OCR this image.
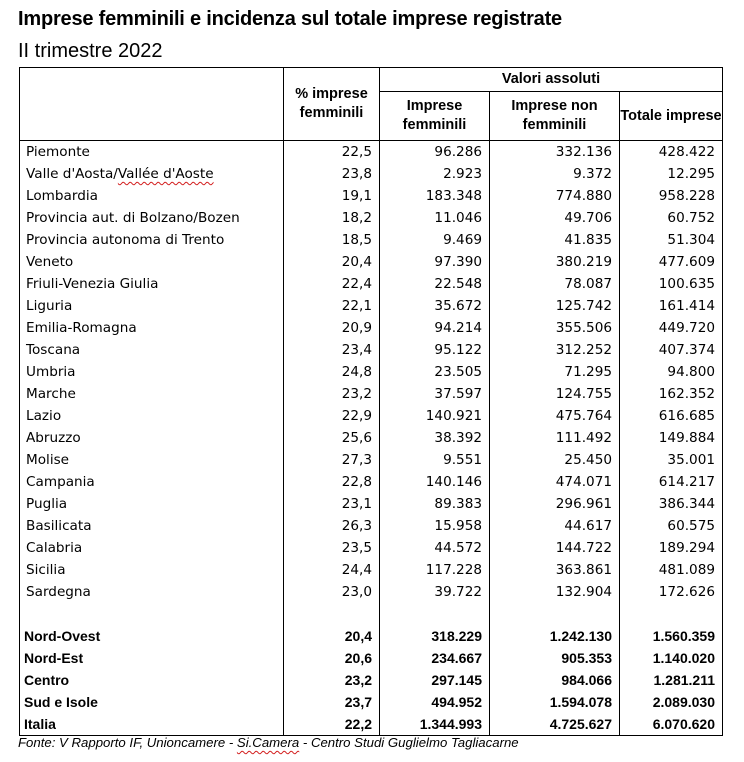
Imprese femminili e incidenza sul totale imprese registrate
II trimestre 2022
	% imprese femminili	Valori assoluti		
		Imprese femminili	Imprese non femminili	Totale imprese
Piemonte	22,5	96.286	332.136	428.422
Valle d'Aosta/Vallée d'Aoste	23,8	2.923	9.372	12.295
Lombardia	19,1	183.348	774.880	958.228
Provincia aut. di Bolzano/Bozen	18,2	11.046	49.706	60.752
Provincia autonoma di Trento	18,5	9.469	41.835	51.304
Veneto	20,4	97.390	380.219	477.609
Friuli-Venezia Giulia	22,4	22.548	78.087	100.635
Liguria	22,1	35.672	125.742	161.414
Emilia-Romagna	20,9	94.214	355.506	449.720
Toscana	23,4	95.122	312.252	407.374
Umbria	24,8	23.505	71.295	94.800
Marche	23,2	37.597	124.755	162.352
Lazio	22,9	140.921	475.764	616.685
Abruzzo	25,6	38.392	111.492	149.884
Molise	27,3	9.551	25.450	35.001
Campania	22,8	140.146	474.071	614.217
Puglia	23,1	89.383	296.961	386.344
Basilicata	26,3	15.958	44.617	60.575
Calabria	23,5	44.572	144.722	189.294
Sicilia	24,4	117.228	363.861	481.089
Sardegna	23,0	39.722	132.904	172.626

Nord-Ovest	20,4	318.229	1.242.130	1.560.359
Nord-Est	20,6	234.667	905.353	1.140.020
Centro	23,2	297.145	984.066	1.281.211
Sud e Isole	23,7	494.952	1.594.078	2.089.030
Italia	22,2	1.344.993	4.725.627	6.070.620
Fonte: V Rapporto IF, Unioncamere - Si.Camera - Centro Studi Guglielmo Tagliacarne
